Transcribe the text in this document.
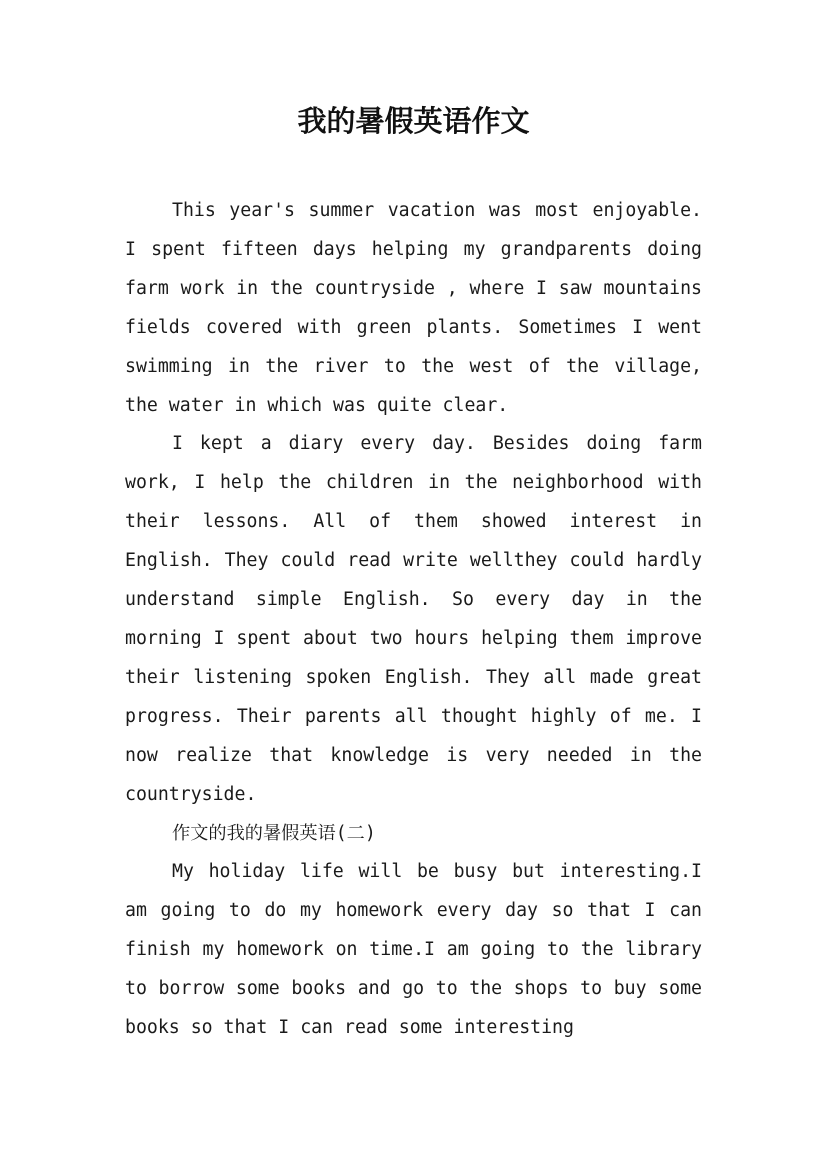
我的暑假英语作文

This year's summer vacation was most enjoyable. I spent fifteen days helping my grandparents doing farm work in the countryside , where I saw mountains fields covered with green plants. Sometimes I went swimming in the river to the west of the village, the water in which was quite clear.

I kept a diary every day. Besides doing farm work, I help the children in the neighborhood with their lessons. All of them showed interest in English. They could read write wellthey could hardly understand simple English. So every day in the morning I spent about two hours helping them improve their listening spoken English. They all made great progress. Their parents all thought highly of me. I now realize that knowledge is very needed in the countryside.

作文的我的暑假英语(二)

My holiday life will be busy but interesting.I am going to do my homework every day so that I can finish my homework on time.I am going to the library to borrow some books and go to the shops to buy some books so that I can read some interesting
